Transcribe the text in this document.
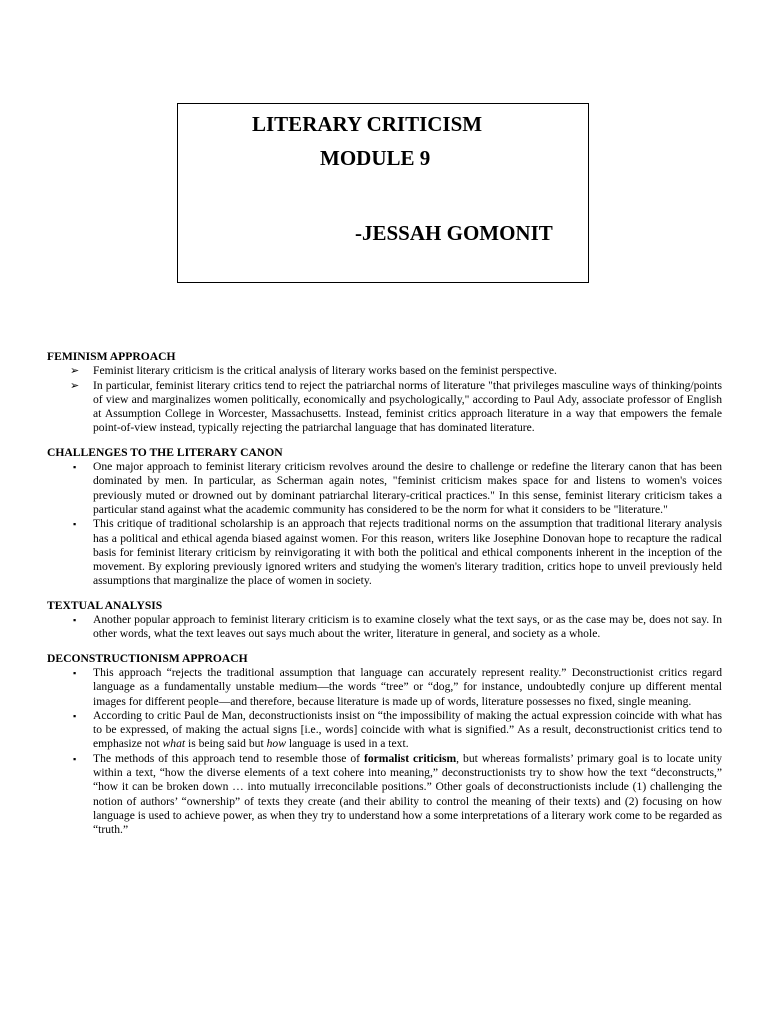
LITERARY CRITICISM
MODULE 9
-JESSAH GOMONIT
FEMINISM APPROACH
➢ Feminist literary criticism is the critical analysis of literary works based on the feminist perspective.
➢ In particular, feminist literary critics tend to reject the patriarchal norms of literature "that privileges masculine ways of thinking/points of view and marginalizes women politically, economically and psychologically," according to Paul Ady, associate professor of English at Assumption College in Worcester, Massachusetts. Instead, feminist critics approach literature in a way that empowers the female point-of-view instead, typically rejecting the patriarchal language that has dominated literature.
CHALLENGES TO THE LITERARY CANON
▪ One major approach to feminist literary criticism revolves around the desire to challenge or redefine the literary canon that has been dominated by men. In particular, as Scherman again notes, "feminist criticism makes space for and listens to women's voices previously muted or drowned out by dominant patriarchal literary-critical practices." In this sense, feminist literary criticism takes a particular stand against what the academic community has considered to be the norm for what it considers to be "literature."
▪ This critique of traditional scholarship is an approach that rejects traditional norms on the assumption that traditional literary analysis has a political and ethical agenda biased against women. For this reason, writers like Josephine Donovan hope to recapture the radical basis for feminist literary criticism by reinvigorating it with both the political and ethical components inherent in the inception of the movement. By exploring previously ignored writers and studying the women's literary tradition, critics hope to unveil previously held assumptions that marginalize the place of women in society.
TEXTUAL ANALYSIS
▪ Another popular approach to feminist literary criticism is to examine closely what the text says, or as the case may be, does not say. In other words, what the text leaves out says much about the writer, literature in general, and society as a whole.
DECONSTRUCTIONISM APPROACH
▪ This approach “rejects the traditional assumption that language can accurately represent reality.” Deconstructionist critics regard language as a fundamentally unstable medium—the words “tree” or “dog,” for instance, undoubtedly conjure up different mental images for different people—and therefore, because literature is made up of words, literature possesses no fixed, single meaning.
▪ According to critic Paul de Man, deconstructionists insist on “the impossibility of making the actual expression coincide with what has to be expressed, of making the actual signs [i.e., words] coincide with what is signified.” As a result, deconstructionist critics tend to emphasize not what is being said but how language is used in a text.
▪ The methods of this approach tend to resemble those of formalist criticism, but whereas formalists’ primary goal is to locate unity within a text, “how the diverse elements of a text cohere into meaning,” deconstructionists try to show how the text “deconstructs,” “how it can be broken down … into mutually irreconcilable positions.” Other goals of deconstructionists include (1) challenging the notion of authors’ “ownership” of texts they create (and their ability to control the meaning of their texts) and (2) focusing on how language is used to achieve power, as when they try to understand how a some interpretations of a literary work come to be regarded as “truth.”
